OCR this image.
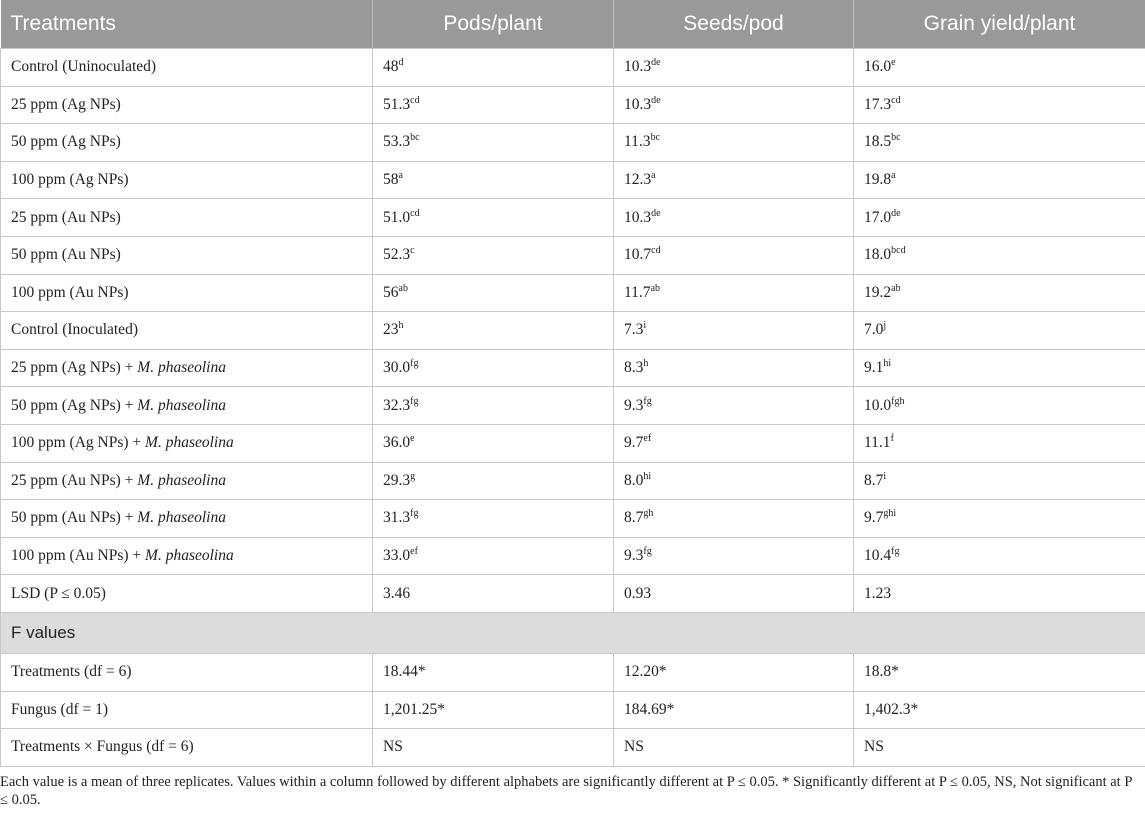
Treatments	Pods/plant	Seeds/pod	Grain yield/plant
Control (Uninoculated)	48$^d$	10.3de	16.0e
25 ppm (Ag NPs)	51.3$^{cd}$	10.3de	17.3$^{cd}$
50 ppm (Ag NPs)	53.3$^{bc}$	11.3$^{bc}$	18.5$^{bc}$
100 ppm (Ag NPs)	58$^a$	12.3$^a$	19.8$^a$
25 ppm (Au NPs)	51.0$^{cd}$	10.3de	17.0de
50 ppm (Au NPs)	52.3$^c$	10.7$^{cd}$	18.0$^{bcd}$
100 ppm (Au NPs)	$56^{ab}$	11.7$^{ab}$	19.2$^{ab}$
Control (Inoculated)	23$^h$	7.3$^i$	7.0$^j$
25 ppm (Ag NPs) + M. phaseolina	30.0$^{fg}$	8.3$^h$	$9.1^{hi}$
50 ppm (Ag NPs) + M. phaseolina	32.3$^{fg}$	9.3$^{fg}$	10.0$^{fgh}$
100 ppm (Ag NPs) + M. phaseolina	36.0e	9.7$^{ef}$	11.1$^f$
25 ppm (Au NPs) + M. phaseolina	29.3$^g$	$8.0^{hi}$	8.7$^i$
50 ppm (Au NPs) + M. phaseolina	31.3$^{fg}$	8.7$^{gh}$	$9.7^{ghi}$
100 ppm (Au NPs) + M. phaseolina	33.0$^{ef}$	9.3$^{fg}$	10.4$^{fg}$
LSD (P ≤ 0.05)	3.46	0.93	1.23
F values			
Treatments (df = 6)	18.44*	12.20*	18.8*
Fungus (df = 1)	1,201.25*	184.69*	1,402.3*
Treatments × Fungus (df = 6)	NS	NS	NS
Each value is a mean of three replicates. Values within a column followed by different alphabets are significantly different at P ≤ 0.05. * Significantly different at P ≤ 0.05, NS, Not significant at P ≤ 0.05.
